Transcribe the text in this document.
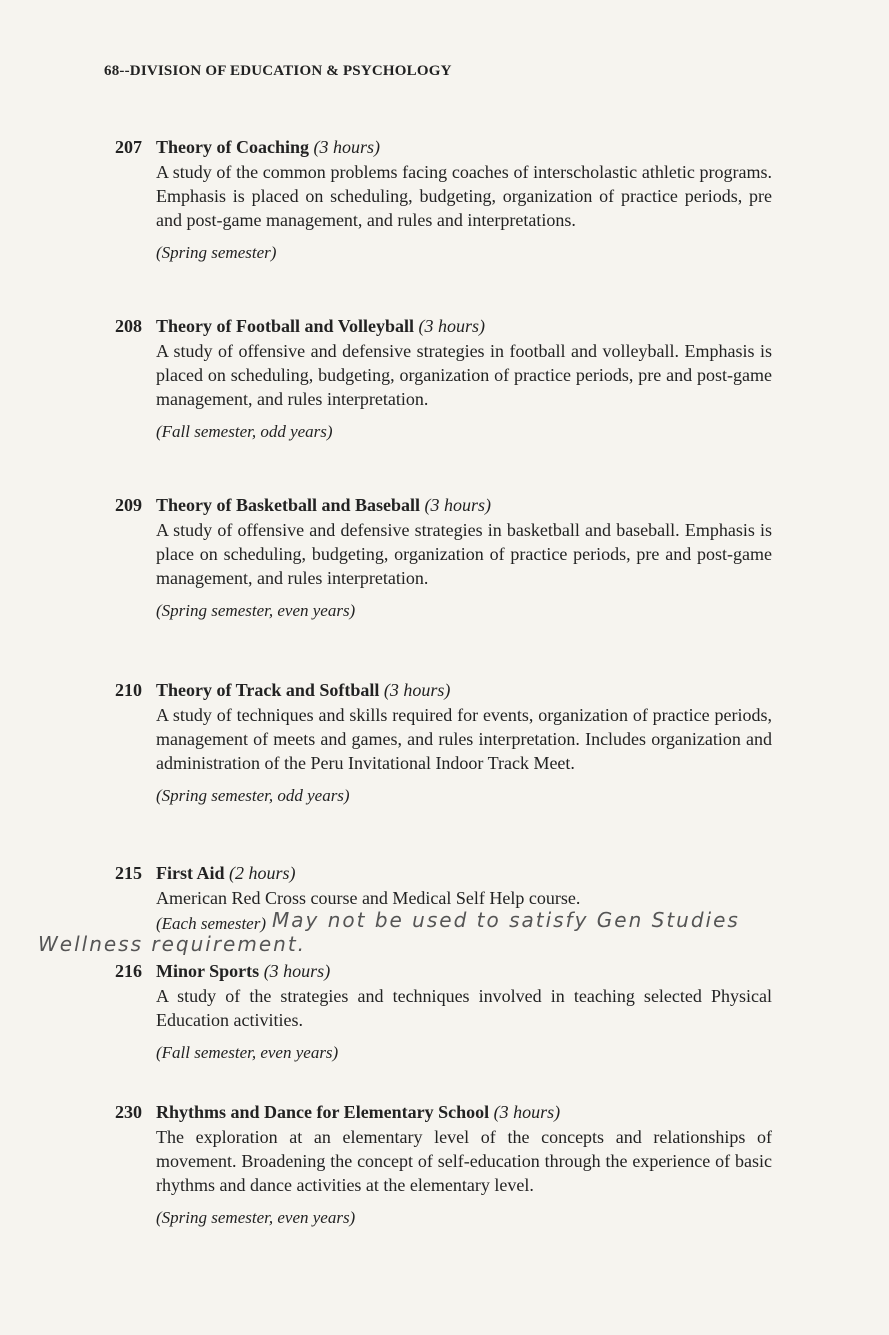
68--DIVISION OF EDUCATION & PSYCHOLOGY
207 Theory of Coaching (3 hours)
A study of the common problems facing coaches of interscholastic athletic programs. Emphasis is placed on scheduling, budgeting, organization of practice periods, pre and post-game management, and rules and interpretations.
(Spring semester)
208 Theory of Football and Volleyball (3 hours)
A study of offensive and defensive strategies in football and volleyball. Emphasis is placed on scheduling, budgeting, organization of practice periods, pre and post-game management, and rules interpretation.
(Fall semester, odd years)
209 Theory of Basketball and Baseball (3 hours)
A study of offensive and defensive strategies in basketball and baseball. Emphasis is place on scheduling, budgeting, organization of practice periods, pre and post-game management, and rules interpretation.
(Spring semester, even years)
210 Theory of Track and Softball (3 hours)
A study of techniques and skills required for events, organization of practice periods, management of meets and games, and rules interpretation. Includes organization and administration of the Peru Invitational Indoor Track Meet.
(Spring semester, odd years)
215 First Aid (2 hours)
American Red Cross course and Medical Self Help course.
(Each semester) May not be used to satisfy Gen Studies
Wellness requirement.
216 Minor Sports (3 hours)
A study of the strategies and techniques involved in teaching selected Physical Education activities.
(Fall semester, even years)
230 Rhythms and Dance for Elementary School (3 hours)
The exploration at an elementary level of the concepts and relationships of movement. Broadening the concept of self-education through the experience of basic rhythms and dance activities at the elementary level.
(Spring semester, even years)
